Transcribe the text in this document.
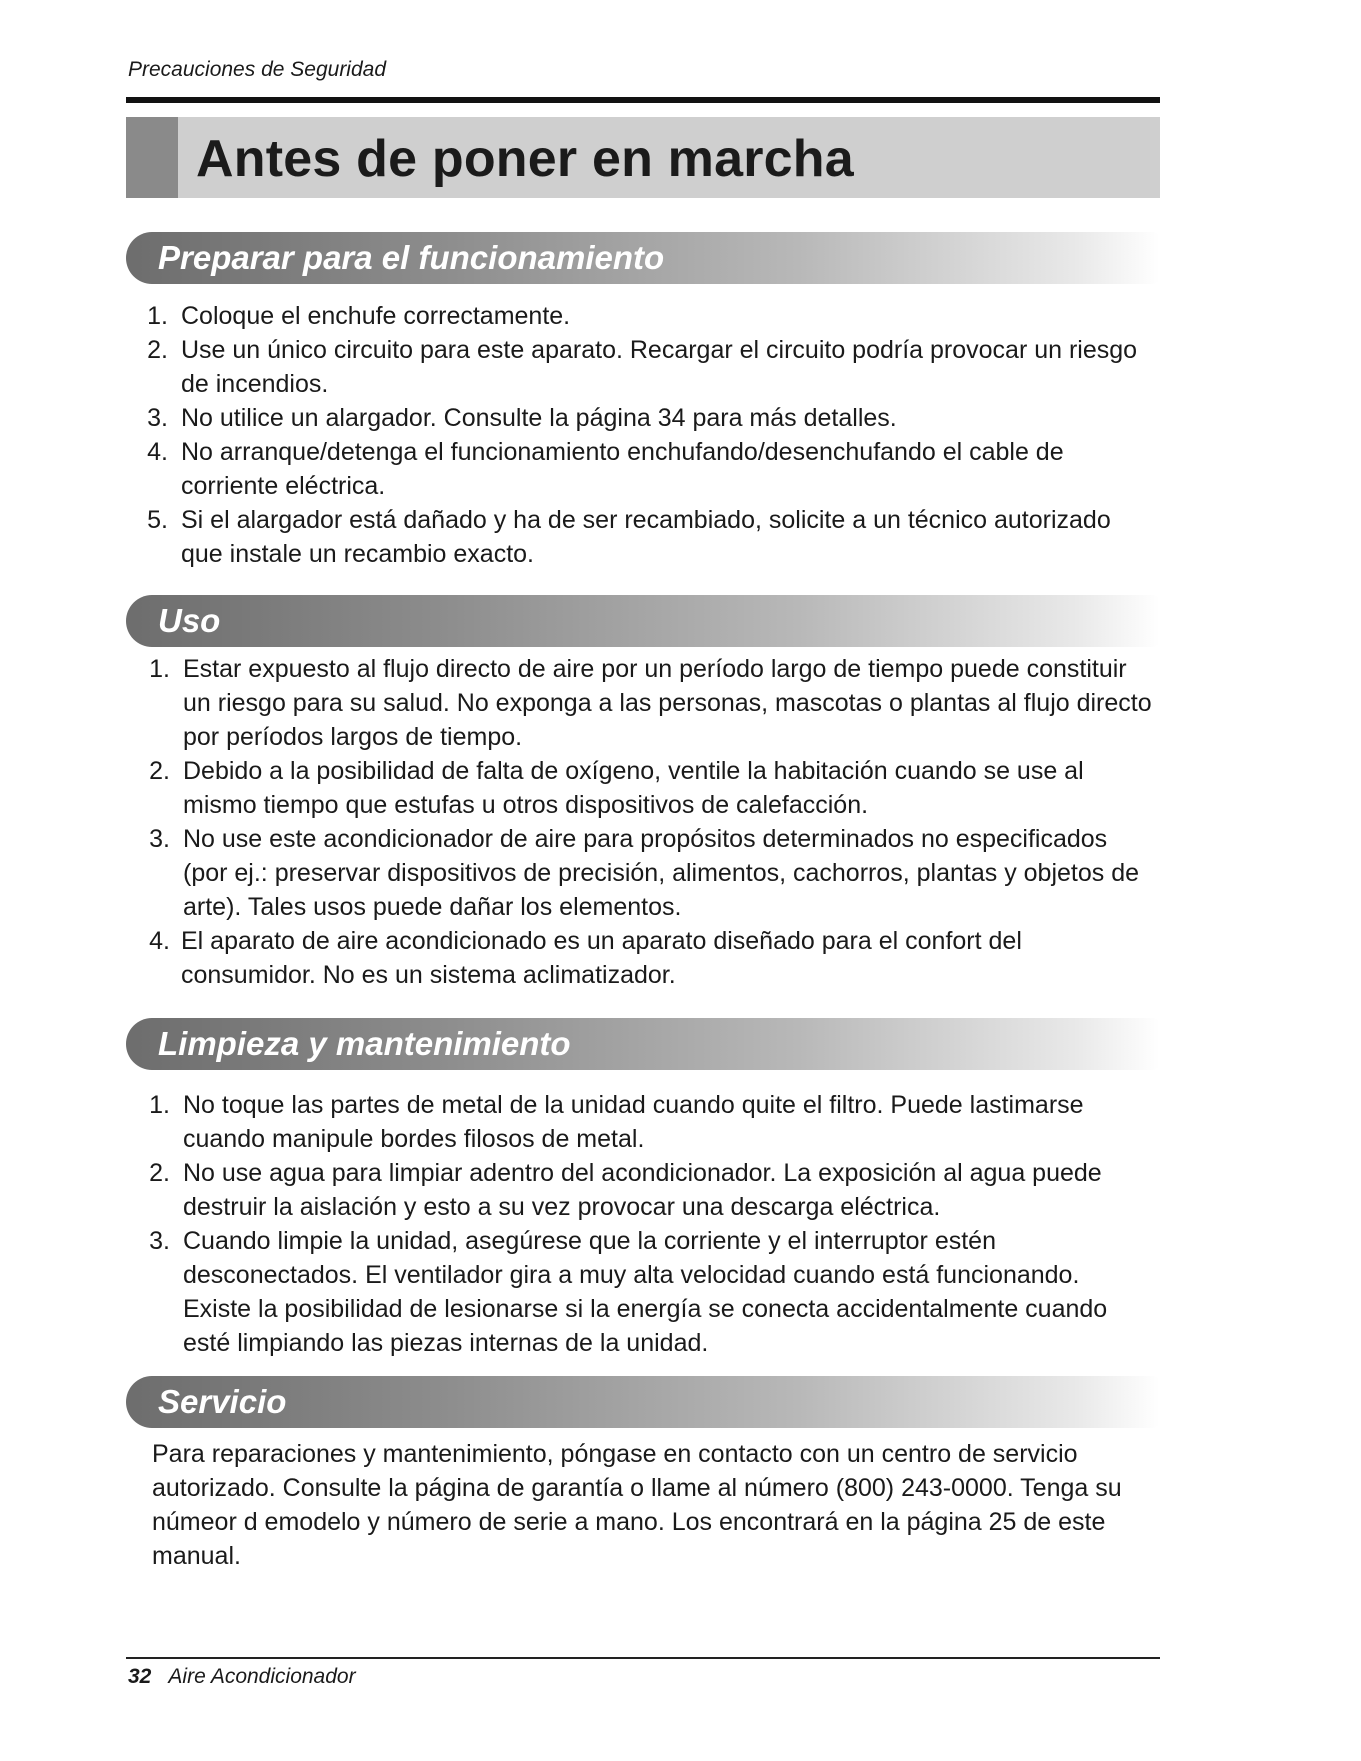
Precauciones de Seguridad
Antes de poner en marcha
Preparar para el funcionamiento
1. Coloque el enchufe correctamente.
2. Use un único circuito para este aparato. Recargar el circuito podría provocar un riesgo de incendios.
3. No utilice un alargador. Consulte la página 34 para más detalles.
4. No arranque/detenga el funcionamiento enchufando/desenchufando el cable de corriente eléctrica.
5. Si el alargador está dañado y ha de ser recambiado, solicite a un técnico autorizado que instale un recambio exacto.
Uso
1. Estar expuesto al flujo directo de aire por un período largo de tiempo puede constituir un riesgo para su salud. No exponga a las personas, mascotas o plantas al flujo directo por períodos largos de tiempo.
2. Debido a la posibilidad de falta de oxígeno, ventile la habitación cuando se use al mismo tiempo que estufas u otros dispositivos de calefacción.
3. No use este acondicionador de aire para propósitos determinados no especificados (por ej.: preservar dispositivos de precisión, alimentos, cachorros, plantas y objetos de arte). Tales usos puede dañar los elementos.
4. El aparato de aire acondicionado es un aparato diseñado para el confort del consumidor. No es un sistema aclimatizador.
Limpieza y mantenimiento
1. No toque las partes de metal de la unidad cuando quite el filtro. Puede lastimarse cuando manipule bordes filosos de metal.
2. No use agua para limpiar adentro del acondicionador. La exposición al agua puede destruir la aislación y esto a su vez provocar una descarga eléctrica.
3. Cuando limpie la unidad, asegúrese que la corriente y el interruptor estén desconectados. El ventilador gira a muy alta velocidad cuando está funcionando. Existe la posibilidad de lesionarse si la energía se conecta accidentalmente cuando esté limpiando las piezas internas de la unidad.
Servicio

Para reparaciones y mantenimiento, póngase en contacto con un centro de servicio autorizado. Consulte la página de garantía o llame al número (800) 243-0000. Tenga su númeor d emodelo y número de serie a mano. Los encontrará en la página 25 de este manual.

32 Aire Acondicionador
